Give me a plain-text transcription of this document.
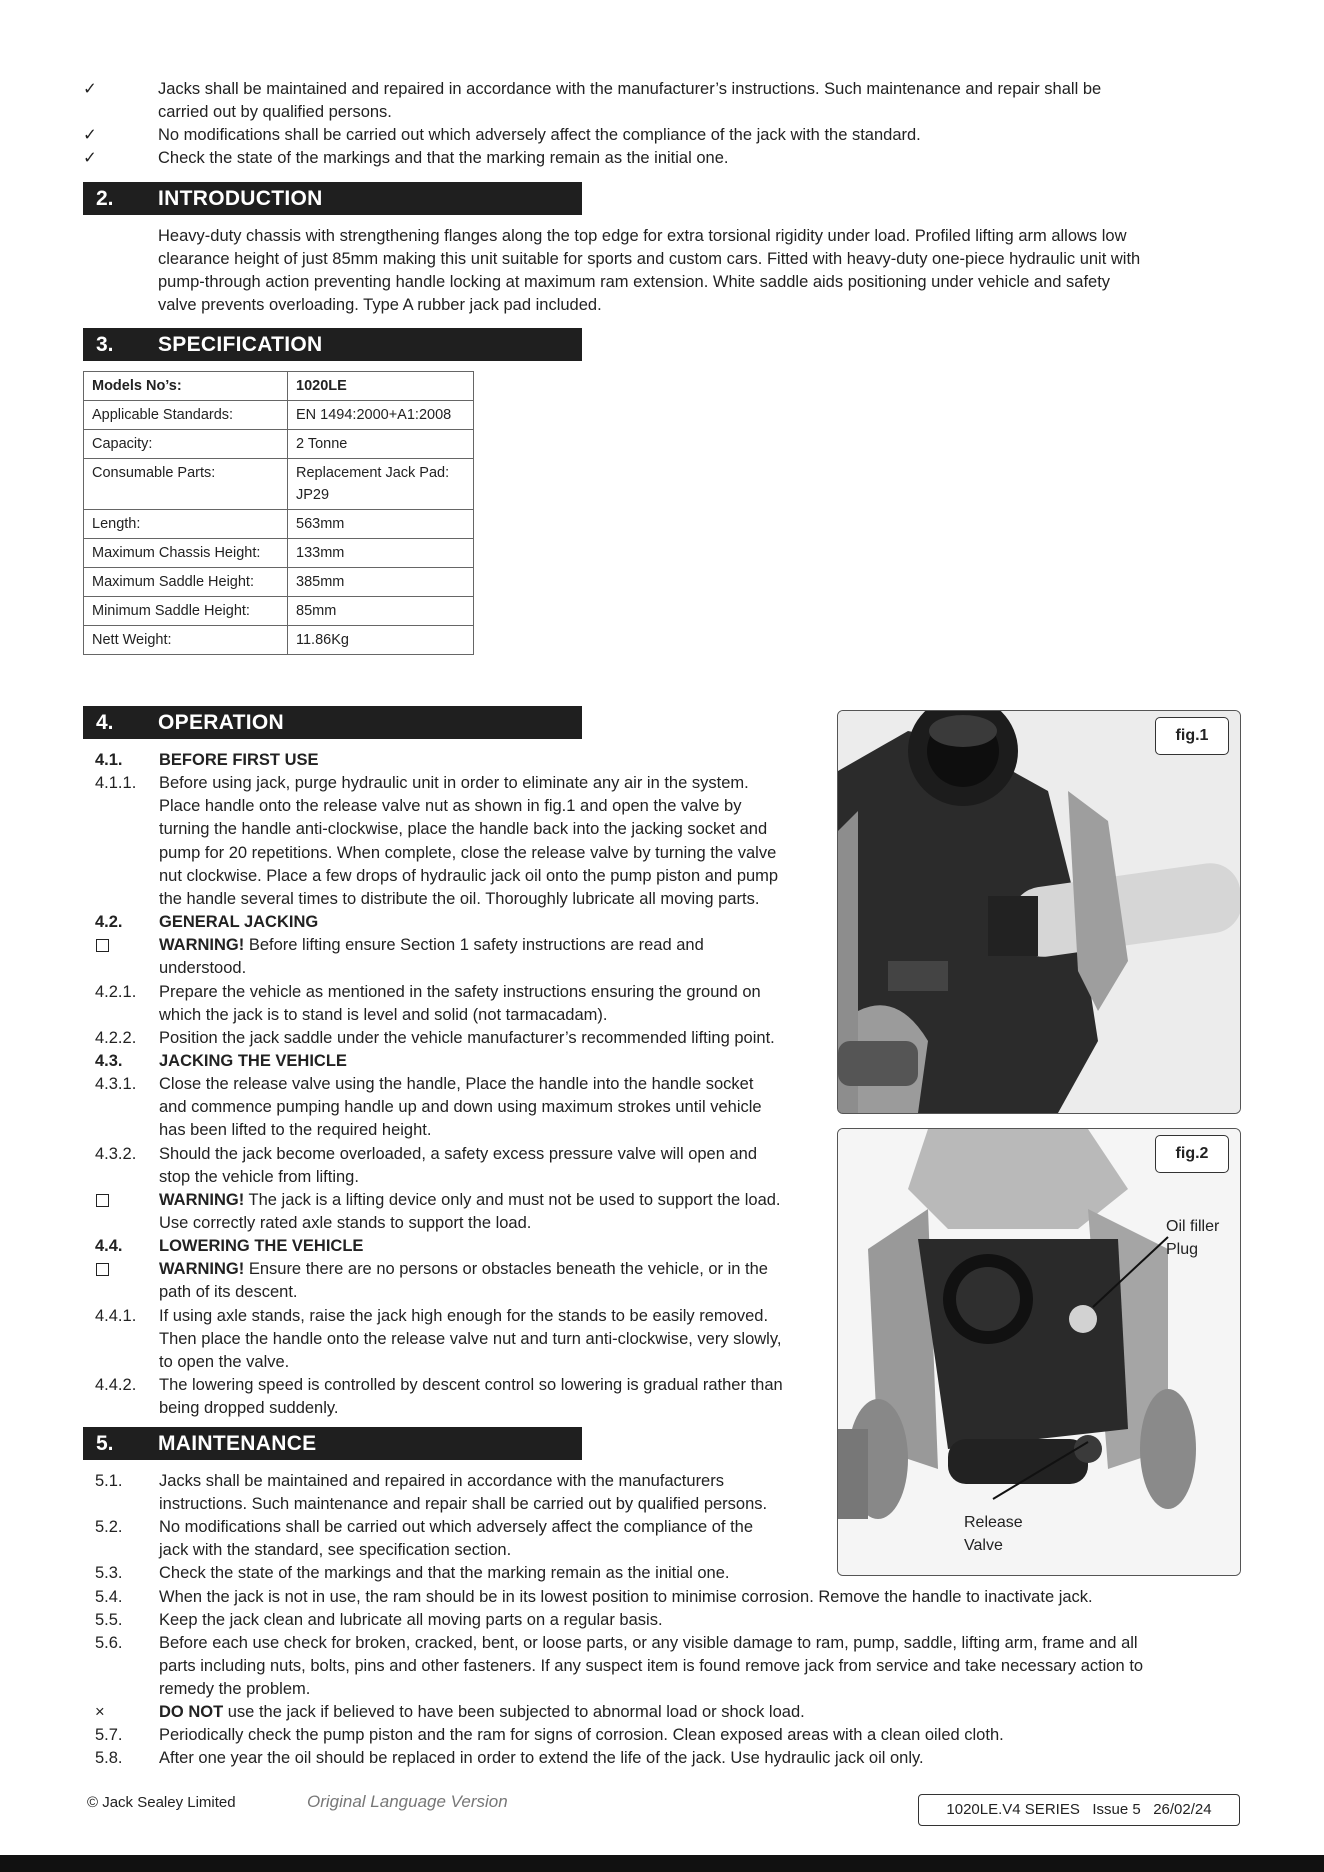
✓	Jacks shall be maintained and repaired in accordance with the manufacturer’s instructions. Such maintenance and repair shall be
carried out by qualified persons.
✓	No modifications shall be carried out which adversely affect the compliance of the jack with the standard.
✓	Check the state of the markings and that the marking remain as the initial one.
2. INTRODUCTION
Heavy-duty chassis with strengthening flanges along the top edge for extra torsional rigidity under load. Profiled lifting arm allows low
clearance height of just 85mm making this unit suitable for sports and custom cars. Fitted with heavy-duty one-piece hydraulic unit with
pump-through action preventing handle locking at maximum ram extension. White saddle aids positioning under vehicle and safety
valve prevents overloading. Type A rubber jack pad included.
3. SPECIFICATION
Models No’s:	1020LE

Applicable Standards:	EN 1494:2000+A1:2008

Capacity:	2 Tonne

Consumable Parts:	Replacement Jack Pad:
JP29

Length:	563mm

Maximum Chassis Height:	133mm

Maximum Saddle Height:	385mm

Minimum Saddle Height:	85mm

Nett Weight:	11.86Kg
4. OPERATION
4.1. BEFORE FIRST USE
4.1.1. Before using jack, purge hydraulic unit in order to eliminate any air in the system.
Place handle onto the release valve nut as shown in fig.1 and open the valve by
turning the handle anti-clockwise, place the handle back into the jacking socket and
pump for 20 repetitions. When complete, close the release valve by turning the valve
nut clockwise. Place a few drops of hydraulic jack oil onto the pump piston and pump
the handle several times to distribute the oil. Thoroughly lubricate all moving parts.
4.2. GENERAL JACKING
WARNING! Before lifting ensure Section 1 safety instructions are read and
understood.
4.2.1. Prepare the vehicle as mentioned in the safety instructions ensuring the ground on
which the jack is to stand is level and solid (not tarmacadam).
4.2.2. Position the jack saddle under the vehicle manufacturer’s recommended lifting point.
4.3. JACKING THE VEHICLE
4.3.1. Close the release valve using the handle, Place the handle into the handle socket
and commence pumping handle up and down using maximum strokes until vehicle
has been lifted to the required height.
4.3.2. Should the jack become overloaded, a safety excess pressure valve will open and
stop the vehicle from lifting.
WARNING! The jack is a lifting device only and must not be used to support the load.
Use correctly rated axle stands to support the load.
4.4. LOWERING THE VEHICLE
WARNING! Ensure there are no persons or obstacles beneath the vehicle, or in the
path of its descent.
4.4.1. If using axle stands, raise the jack high enough for the stands to be easily removed.
Then place the handle onto the release valve nut and turn anti-clockwise, very slowly,
to open the valve.
4.4.2. The lowering speed is controlled by descent control so lowering is gradual rather than
being dropped suddenly.
5. MAINTENANCE
5.1. Jacks shall be maintained and repaired in accordance with the manufacturers
instructions. Such maintenance and repair shall be carried out by qualified persons.
5.2. No modifications shall be carried out which adversely affect the compliance of the
jack with the standard, see specification section.
5.3. Check the state of the markings and that the marking remain as the initial one.
5.4. When the jack is not in use, the ram should be in its lowest position to minimise corrosion. Remove the handle to inactivate jack.
5.5. Keep the jack clean and lubricate all moving parts on a regular basis.
5.6. Before each use check for broken, cracked, bent, or loose parts, or any visible damage to ram, pump, saddle, lifting arm, frame and all
parts including nuts, bolts, pins and other fasteners. If any suspect item is found remove jack from service and take necessary action to
remedy the problem.
×	DO NOT use the jack if believed to have been subjected to abnormal load or shock load.
5.7. Periodically check the pump piston and the ram for signs of corrosion. Clean exposed areas with a clean oiled cloth.
5.8. After one year the oil should be replaced in order to extend the life of the jack. Use hydraulic jack oil only.
fig.1
fig.2
Oil filler
Plug
Release
Valve
© Jack Sealey Limited	Original Language Version	1020LE.V4 SERIES   Issue 5   26/02/24
